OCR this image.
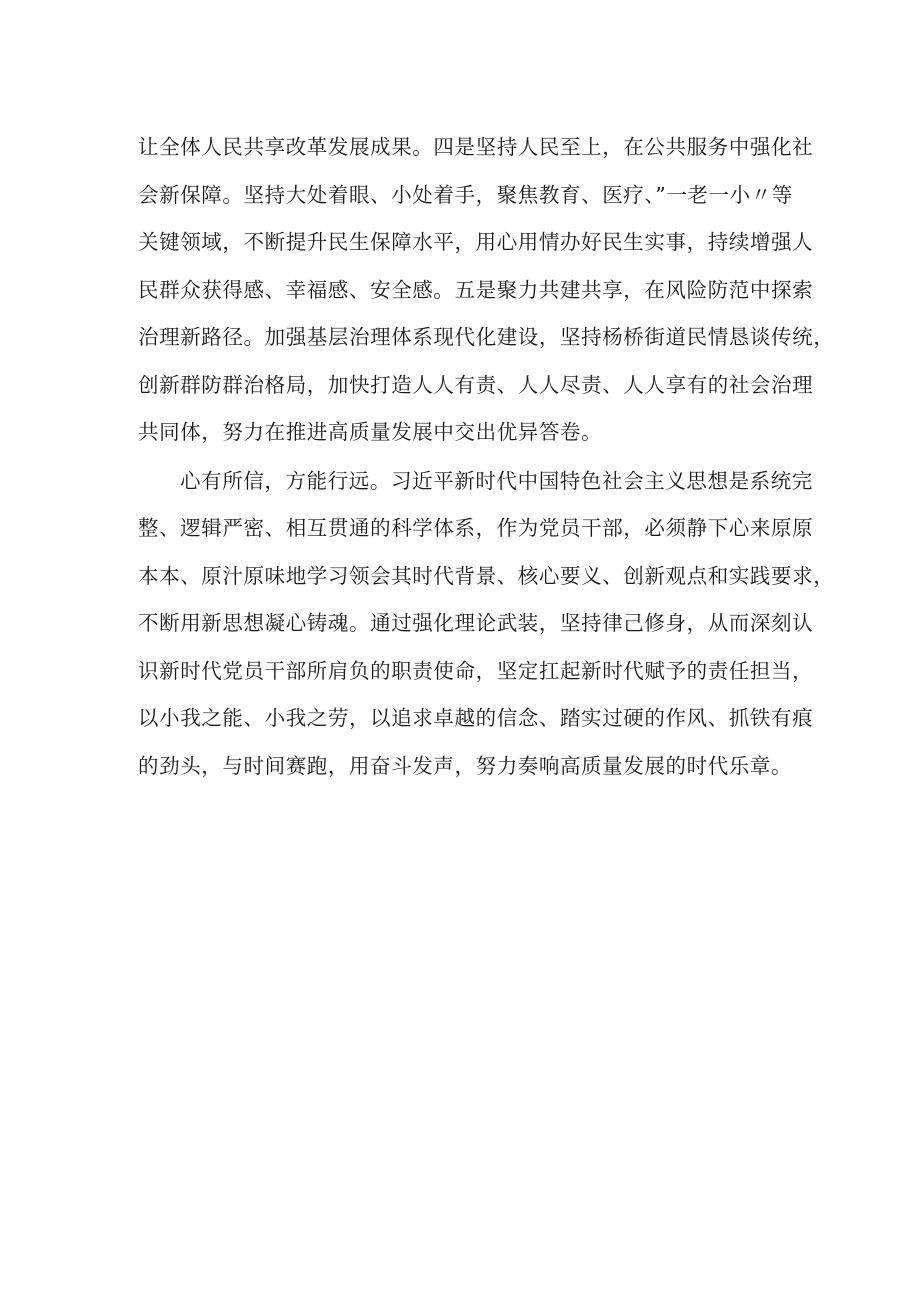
让全体人民共享改革发展成果。四是坚持人民至上，在公共服务中强化社
会新保障。坚持大处着眼、小处着手，聚焦教育、医疗、”一老一小〃等
关键领域，不断提升民生保障水平，用心用情办好民生实事，持续增强人
民群众获得感、幸福感、安全感。五是聚力共建共享，在风险防范中探索
治理新路径。加强基层治理体系现代化建设，坚持杨桥街道民情恳谈传统，
创新群防群治格局，加快打造人人有责、人人尽责、人人享有的社会治理
共同体，努力在推进高质量发展中交出优异答卷。
心有所信，方能行远。习近平新时代中国特色社会主义思想是系统完
整、逻辑严密、相互贯通的科学体系，作为党员干部，必须静下心来原原
本本、原汁原味地学习领会其时代背景、核心要义、创新观点和实践要求，
不断用新思想凝心铸魂。通过强化理论武装，坚持律己修身，从而深刻认
识新时代党员干部所肩负的职责使命，坚定扛起新时代赋予的责任担当，
以小我之能、小我之劳，以追求卓越的信念、踏实过硬的作风、抓铁有痕
的劲头，与时间赛跑，用奋斗发声，努力奏响高质量发展的时代乐章。
